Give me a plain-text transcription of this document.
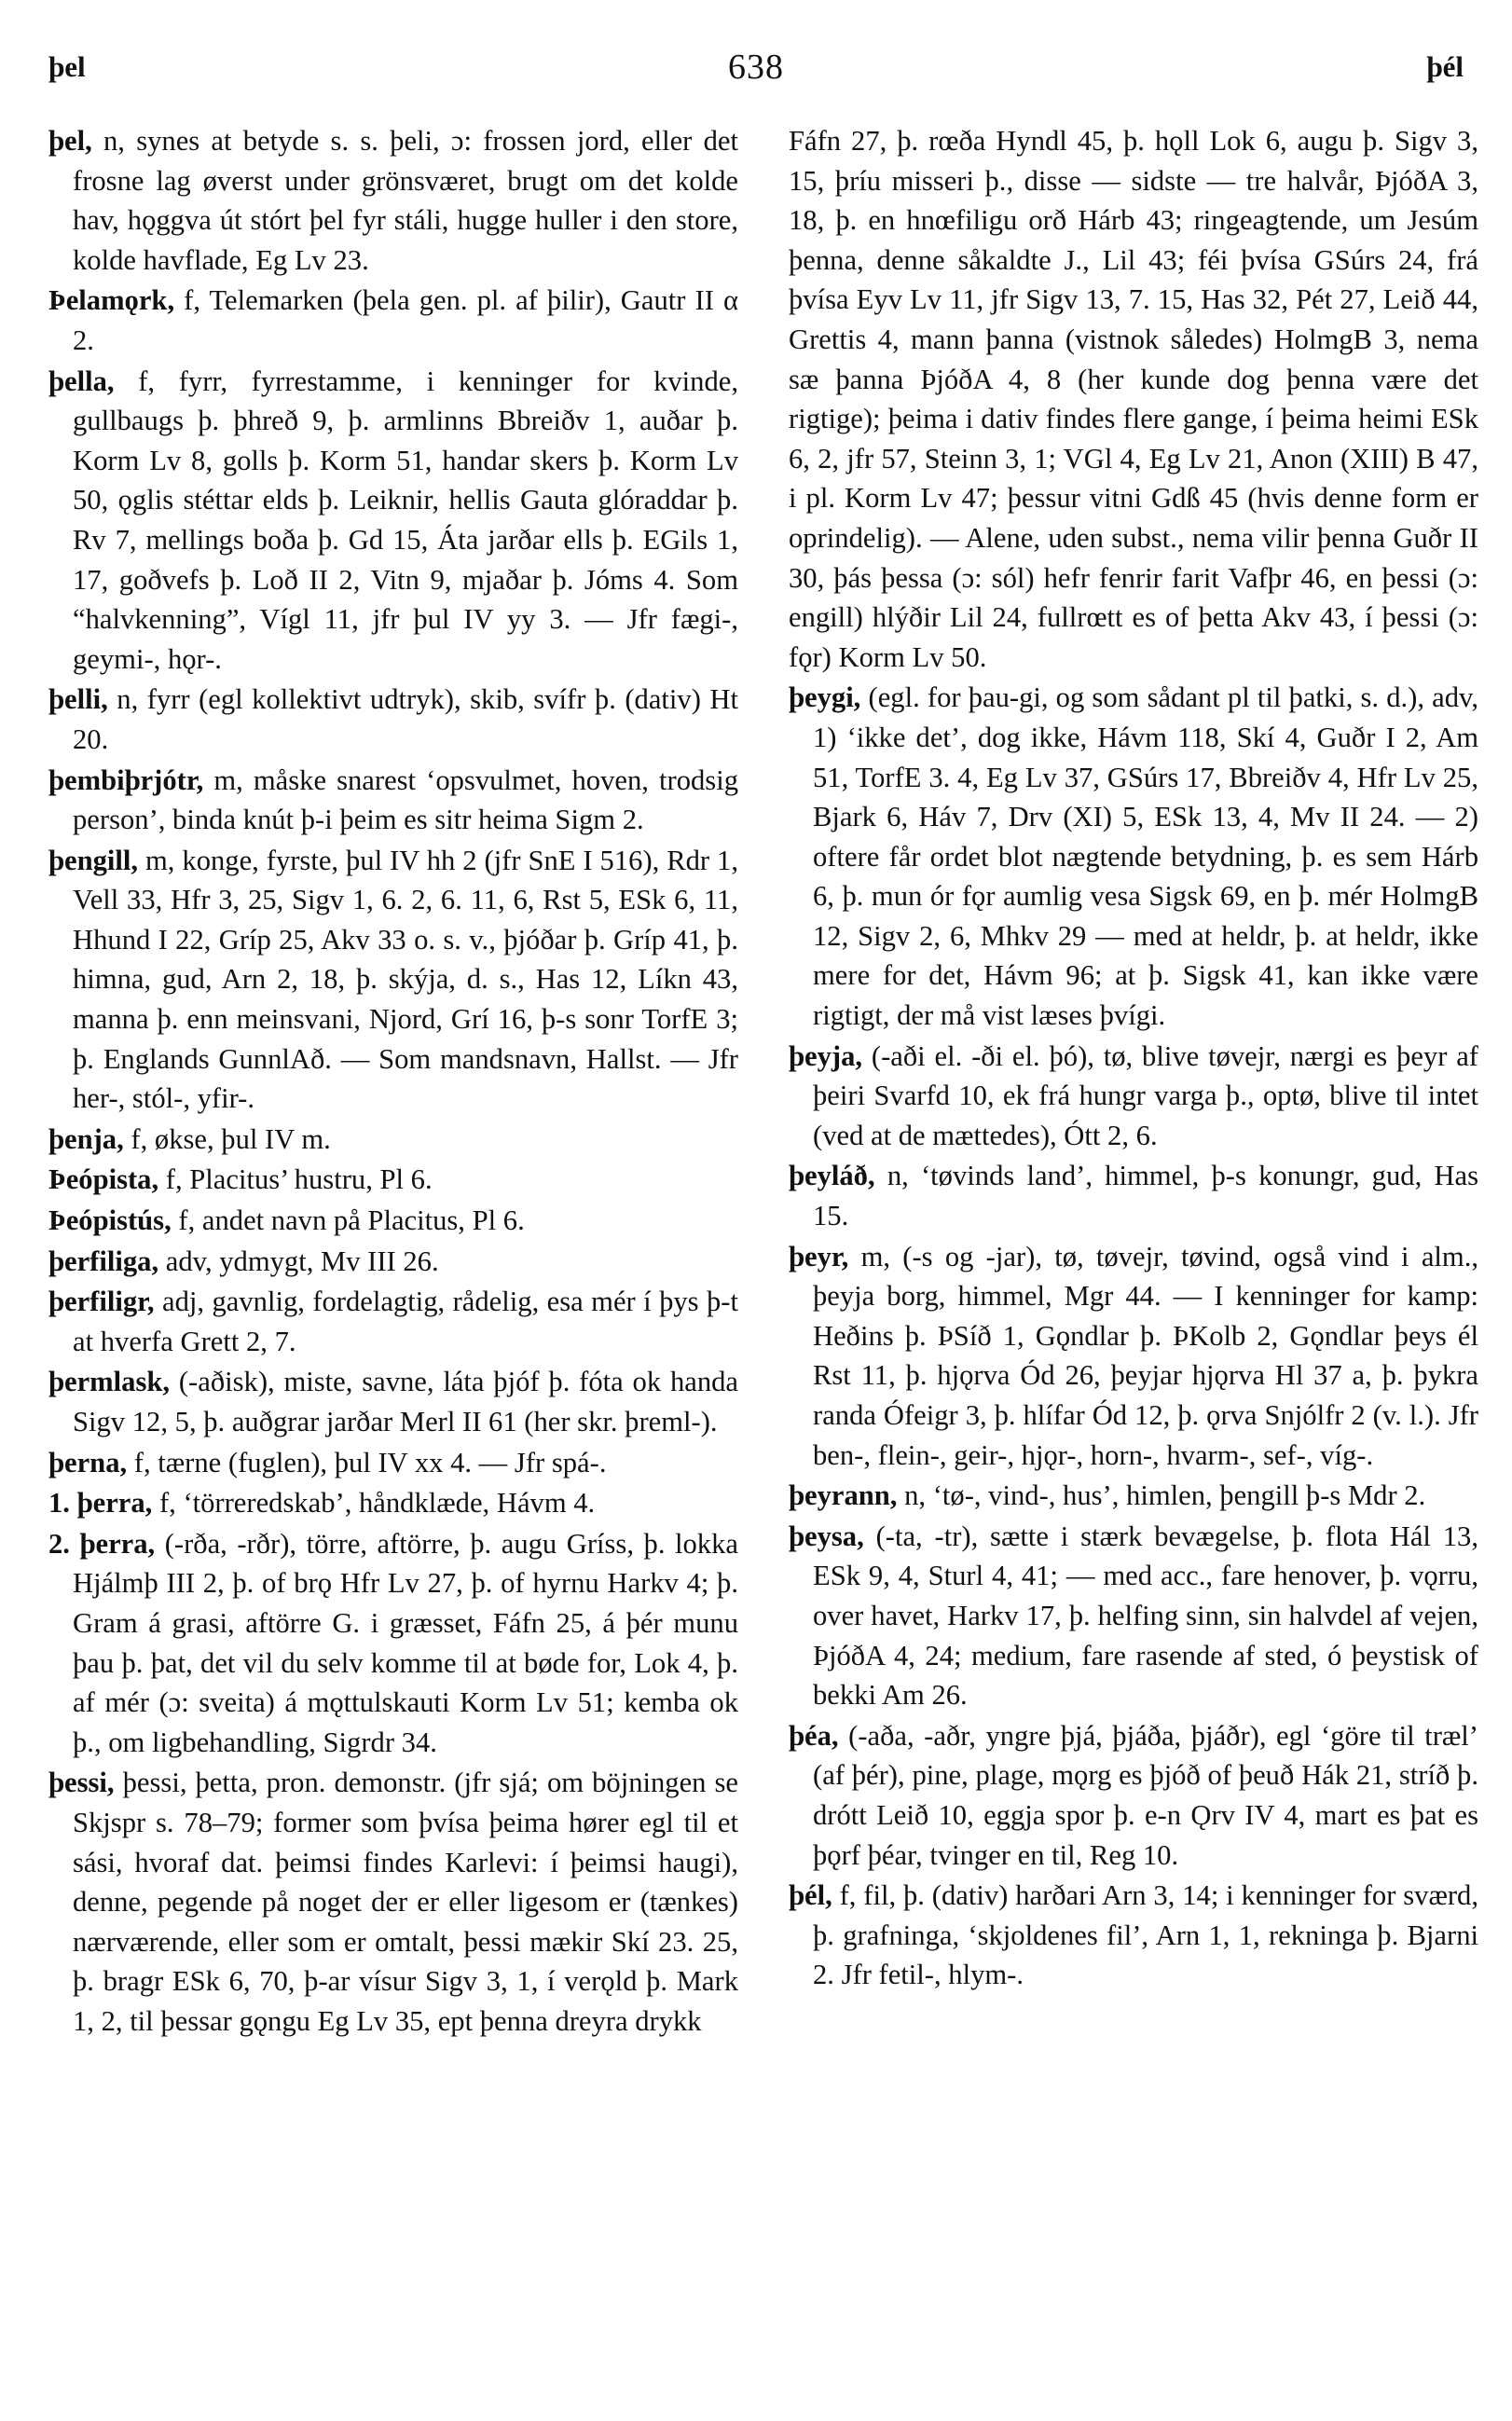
þel	638	þél

þel, n, synes at betyde s. s. þeli, ɔ: frossen jord, eller det frosne lag øverst under grönsværet, brugt om det kolde hav, hǫggva út stórt þel fyr stáli, hugge huller i den store, kolde havflade, Eg Lv 23.

Þelamǫrk, f, Telemarken (þela gen. pl. af þilir), Gautr II α 2.

þella, f, fyrr, fyrrestamme, i kenninger for kvinde, gullbaugs þ. þhreð 9, þ. armlinns Bbreiðv 1, auðar þ. Korm Lv 8, golls þ. Korm 51, handar skers þ. Korm Lv 50, ǫglis stéttar elds þ. Leiknir, hellis Gauta glóraddar þ. Rv 7, mellings boða þ. Gd 15, Áta jarðar ells þ. EGils 1, 17, goðvefs þ. Loð II 2, Vitn 9, mjaðar þ. Jóms 4. Som “halvkenning”, Vígl 11, jfr þul IV yy 3. — Jfr fægi-, geymi-, hǫr-.

þelli, n, fyrr (egl kollektivt udtryk), skib, svífr þ. (dativ) Ht 20.

þembiþrjótr, m, måske snarest ‘opsvulmet, hoven, trodsig person’, binda knút þ-i þeim es sitr heima Sigm 2.

þengill, m, konge, fyrste, þul IV hh 2 (jfr SnE I 516), Rdr 1, Vell 33, Hfr 3, 25, Sigv 1, 6. 2, 6. 11, 6, Rst 5, ESk 6, 11, Hhund I 22, Gríp 25, Akv 33 o. s. v., þjóðar þ. Gríp 41, þ. himna, gud, Arn 2, 18, þ. skýja, d. s., Has 12, Líkn 43, manna þ. enn meinsvani, Njord, Grí 16, þ-s sonr TorfE 3; þ. Englands GunnlAð. — Som mandsnavn, Hallst. — Jfr her-, stól-, yfir-.

þenja, f, økse, þul IV m.

Þeópista, f, Placitus’ hustru, Pl 6.

Þeópistús, f, andet navn på Placitus, Pl 6.

þerfiliga, adv, ydmygt, Mv III 26.

þerfiligr, adj, gavnlig, fordelagtig, rådelig, esa mér í þys þ-t at hverfa Grett 2, 7.

þermlask, (-aðisk), miste, savne, láta þjóf þ. fóta ok handa Sigv 12, 5, þ. auðgrar jarðar Merl II 61 (her skr. þreml-).

þerna, f, tærne (fuglen), þul IV xx 4. — Jfr spá-.

1. þerra, f, ‘törreredskab’, håndklæde, Hávm 4.

2. þerra, (-rða, -rðr), törre, aftörre, þ. augu Gríss, þ. lokka Hjálmþ III 2, þ. of brǫ Hfr Lv 27, þ. of hyrnu Harkv 4; þ. Gram á grasi, aftörre G. i græsset, Fáfn 25, á þér munu þau þ. þat, det vil du selv komme til at bøde for, Lok 4, þ. af mér (ɔ: sveita) á mǫttulskauti Korm Lv 51; kemba ok þ., om ligbehandling, Sigrdr 34.

þessi, þessi, þetta, pron. demonstr. (jfr sjá; om böjningen se Skjspr s. 78–79; former som þvísa þeima hører egl til et sási, hvoraf dat. þeimsi findes Karlevi: í þeimsi haugi), denne, pegende på noget der er eller ligesom er (tænkes) nærværende, eller som er omtalt, þessi mækir Skí 23. 25, þ. bragr ESk 6, 70, þ-ar vísur Sigv 3, 1, í verǫld þ. Mark 1, 2, til þessar gǫngu Eg Lv 35, ept þenna dreyra drykk

Fáfn 27, þ. rœða Hyndl 45, þ. hǫll Lok 6, augu þ. Sigv 3, 15, þríu misseri þ., disse — sidste — tre halvår, ÞjóðA 3, 18, þ. en hnœfiligu orð Hárb 43; ringeagtende, um Jesúm þenna, denne såkaldte J., Lil 43; féi þvísa GSúrs 24, frá þvísa Eyv Lv 11, jfr Sigv 13, 7. 15, Has 32, Pét 27, Leið 44, Grettis 4, mann þanna (vistnok således) HolmgB 3, nema sæ þanna ÞjóðA 4, 8 (her kunde dog þenna være det rigtige); þeima i dativ findes flere gange, í þeima heimi ESk 6, 2, jfr 57, Steinn 3, 1; VGl 4, Eg Lv 21, Anon (XIII) B 47, i pl. Korm Lv 47; þessur vitni Gdß 45 (hvis denne form er oprindelig). — Alene, uden subst., nema vilir þenna Guðr II 30, þás þessa (ɔ: sól) hefr fenrir farit Vafþr 46, en þessi (ɔ: engill) hlýðir Lil 24, fullrœtt es of þetta Akv 43, í þessi (ɔ: fǫr) Korm Lv 50.

þeygi, (egl. for þau-gi, og som sådant pl til þatki, s. d.), adv, 1) ‘ikke det’, dog ikke, Hávm 118, Skí 4, Guðr I 2, Am 51, TorfE 3. 4, Eg Lv 37, GSúrs 17, Bbreiðv 4, Hfr Lv 25, Bjark 6, Háv 7, Drv (XI) 5, ESk 13, 4, Mv II 24. — 2) oftere får ordet blot nægtende betydning, þ. es sem Hárb 6, þ. mun ór fǫr aumlig vesa Sigsk 69, en þ. mér HolmgB 12, Sigv 2, 6, Mhkv 29 — med at heldr, þ. at heldr, ikke mere for det, Hávm 96; at þ. Sigsk 41, kan ikke være rigtigt, der må vist læses þvígi.

þeyja, (-aði el. -ði el. þó), tø, blive tøvejr, nærgi es þeyr af þeiri Svarfd 10, ek frá hungr varga þ., optø, blive til intet (ved at de mættedes), Ótt 2, 6.

þeyláð, n, ‘tøvinds land’, himmel, þ-s konungr, gud, Has 15.

þeyr, m, (-s og -jar), tø, tøvejr, tøvind, også vind i alm., þeyja borg, himmel, Mgr 44. — I kenninger for kamp: Heðins þ. ÞSíð 1, Gǫndlar þ. ÞKolb 2, Gǫndlar þeys él Rst 11, þ. hjǫrva Ód 26, þeyjar hjǫrva Hl 37 a, þ. þykra randa Ófeigr 3, þ. hlífar Ód 12, þ. ǫrva Snjólfr 2 (v. l.). Jfr ben-, flein-, geir-, hjǫr-, horn-, hvarm-, sef-, víg-.

þeyrann, n, ‘tø-, vind-, hus’, himlen, þengill þ-s Mdr 2.

þeysa, (-ta, -tr), sætte i stærk bevægelse, þ. flota Hál 13, ESk 9, 4, Sturl 4, 41; — med acc., fare henover, þ. vǫrru, over havet, Harkv 17, þ. helfing sinn, sin halvdel af vejen, ÞjóðA 4, 24; medium, fare rasende af sted, ó þeystisk of bekki Am 26.

þéa, (-aða, -aðr, yngre þjá, þjáða, þjáðr), egl ‘göre til træl’ (af þér), pine, plage, mǫrg es þjóð of þeuð Hák 21, stríð þ. drótt Leið 10, eggja spor þ. e-n Ǫrv IV 4, mart es þat es þǫrf þéar, tvinger en til, Reg 10.

þél, f, fil, þ. (dativ) harðari Arn 3, 14; i kenninger for sværd, þ. grafninga, ‘skjoldenes fil’, Arn 1, 1, rekninga þ. Bjarni 2. Jfr fetil-, hlym-.
